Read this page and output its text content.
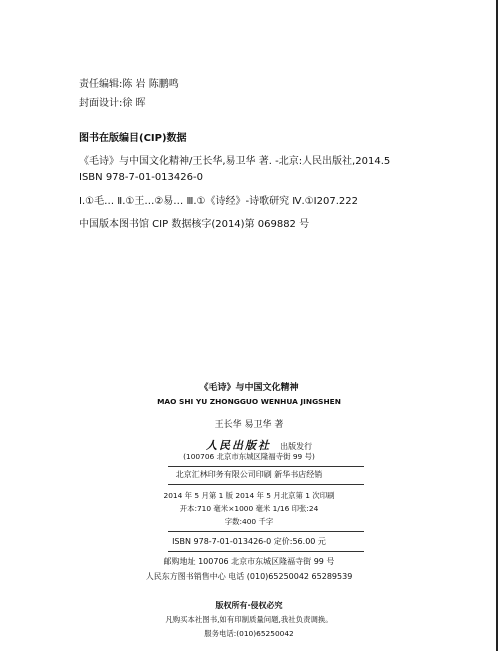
责任编辑:陈 岩 陈鹏鸣
封面设计:徐 晖
图书在版编目(CIP)数据
《毛诗》与中国文化精神/王长华,易卫华 著. -北京:人民出版社,2014.5
ISBN 978-7-01-013426-0
Ⅰ.①毛… Ⅱ.①王…②易… Ⅲ.①《诗经》-诗歌研究 Ⅳ.①I207.222
中国版本图书馆 CIP 数据核字(2014)第 069882 号
《毛诗》与中国文化精神
MAO SHI YU ZHONGGUO WENHUA JINGSHEN
王长华 易卫华 著
人民出版社 出版发行
(100706 北京市东城区隆福寺街 99 号)
北京汇林印务有限公司印刷 新华书店经销
2014 年 5 月第 1 版 2014 年 5 月北京第 1 次印刷
开本:710 毫米×1000 毫米 1/16 印张:24
字数:400 千字
ISBN 978-7-01-013426-0 定价:56.00 元
邮购地址 100706 北京市东城区隆福寺街 99 号
人民东方图书销售中心 电话 (010)65250042 65289539
版权所有·侵权必究
凡购买本社图书,如有印制质量问题,我社负责调换。
服务电话:(010)65250042
